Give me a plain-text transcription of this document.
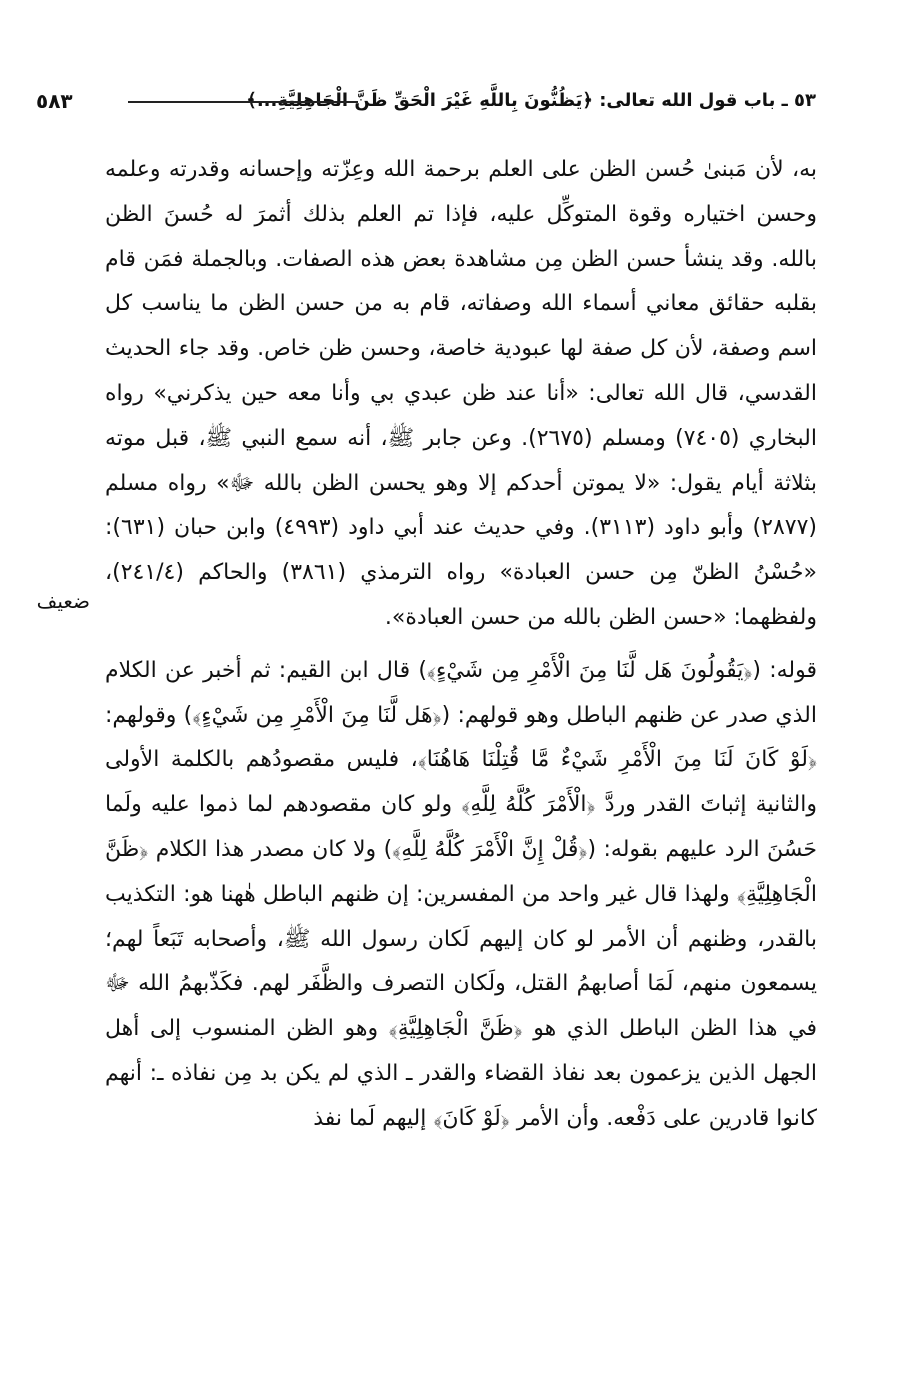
٥٣ ـ باب قول الله تعالى: ﴿يَظُنُّونَ بِاللَّهِ غَيْرَ الْحَقِّ ظَنَّ الْجَاهِلِيَّةِ...﴾
٥٨٣

به، لأن مَبنىٰ حُسن الظن على العلم برحمة الله وعِزّته وإحسانه وقدرته وعلمه وحسن اختياره وقوة المتوكِّل عليه، فإذا تم العلم بذلك أثمرَ له حُسنَ الظن بالله. وقد ينشأ حسن الظن مِن مشاهدة بعض هذه الصفات. وبالجملة فمَن قام بقلبه حقائق معاني أسماء الله وصفاته، قام به من حسن الظن ما يناسب كل اسم وصفة، لأن كل صفة لها عبودية خاصة، وحسن ظن خاص. وقد جاء الحديث القدسي، قال الله تعالى: «أنا عند ظن عبدي بي وأنا معه حين يذكرني» رواه البخاري (٧٤٠٥) ومسلم (٢٦٧٥). وعن جابر ﷺ، أنه سمع النبي ﷺ، قبل موته بثلاثة أيام يقول: «لا يموتن أحدكم إلا وهو يحسن الظن بالله ﷻ» رواه مسلم (٢٨٧٧) وأبو داود (٣١١٣). وفي حديث عند أبي داود (٤٩٩٣) وابن حبان (٦٣١): «حُسْنُ الظنّ مِن حسن العبادة» رواه الترمذي (٣٨٦١) والحاكم (٢٤١/٤)، ولفظهما: «حسن الظن بالله من حسن العبادة».

قوله: (﴿يَقُولُونَ هَل لَّنَا مِنَ الْأَمْرِ مِن شَيْءٍ﴾) قال ابن القيم: ثم أخبر عن الكلام الذي صدر عن ظنهم الباطل وهو قولهم: (﴿هَل لَّنَا مِنَ الْأَمْرِ مِن شَيْءٍ﴾) وقولهم: ﴿لَوْ كَانَ لَنَا مِنَ الْأَمْرِ شَيْءٌ مَّا قُتِلْنَا هَاهُنَا﴾، فليس مقصودُهم بالكلمة الأولى والثانية إثباتَ القدر وردَّ ﴿الْأَمْرَ كُلَّهُ لِلَّهِ﴾ ولو كان مقصودهم لما ذموا عليه ولَما حَسُنَ الرد عليهم بقوله: (﴿قُلْ إِنَّ الْأَمْرَ كُلَّهُ لِلَّهِ﴾) ولا كان مصدر هذا الكلام ﴿ظَنَّ الْجَاهِلِيَّةِ﴾ ولهذا قال غير واحد من المفسرين: إن ظنهم الباطل هٰهنا هو: التكذيب بالقدر، وظنهم أن الأمر لو كان إليهم لَكان رسول الله ﷺ، وأصحابه تَبَعاً لهم؛ يسمعون منهم، لَمَا أصابهمُ القتل، ولَكان التصرف والظَّفَر لهم. فكَذّبهمُ الله ﷻ في هذا الظن الباطل الذي هو ﴿ظَنَّ الْجَاهِلِيَّةِ﴾ وهو الظن المنسوب إلى أهل الجهل الذين يزعمون بعد نفاذ القضاء والقدر ـ الذي لم يكن بد مِن نفاذه ـ: أنهم كانوا قادرين على دَفْعه. وأن الأمر ﴿لَوْ كَانَ﴾ إليهم لَما نفذ

ضعيف
